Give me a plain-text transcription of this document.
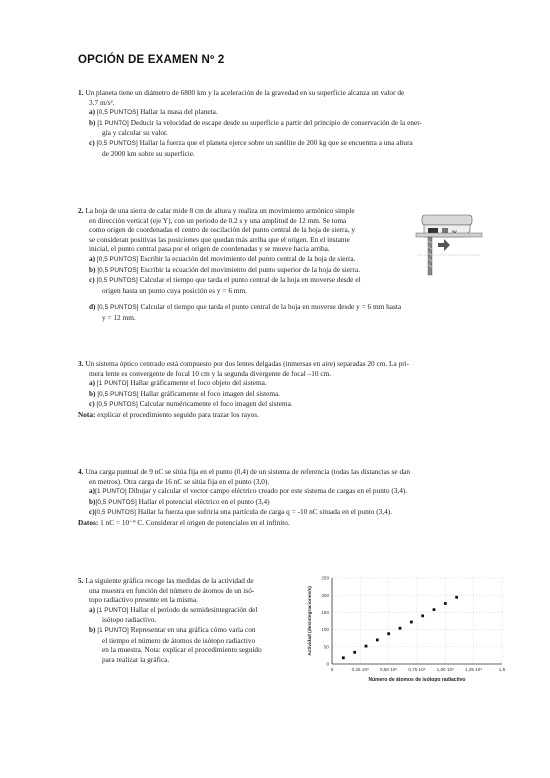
OPCIÓN DE EXAMEN Nº 2

1. Un planeta tiene un diámetro de 6800 km y la aceleración de la gravedad en su superficie alcanza un valor de

3.7 m/s².

a) [0,5 PUNTOS] Hallar la masa del planeta.

b) [1 PUNTO] Deducir la velocidad de escape desde su superficie a partir del principio de conservación de la ener-

gía y calcular su valor.

c) [0,5 PUNTOS] Hallar la fuerza que el planeta ejerce sobre un satélite de 200 kg que se encuentra a una altura

de 2000 km sobre su superficie.

2. La hoja de una sierra de calar mide 8 cm de altura y realiza un movimiento armónico simple

en dirección vertical (eje Y), con un periodo de 0.2 s y una amplitud de 12 mm. Se toma

como origen de coordenadas el centro de oscilación del punto central de la hoja de sierra, y

se consideran positivas las posiciones que quedan más arriba que el origen. En el instante

inicial, el punto central pasa por el origen de coordenadas y se mueve hacia arriba.

a) [0,5 PUNTOS] Escribir la ecuación del movimiento del punto central de la hoja de sierra.

b) [0,5 PUNTOS] Escribir la ecuación del movimiento del punto superior de la hoja de sierra.

c) [0,5 PUNTOS] Calcular el tiempo que tarda el punto central de la hoja en moverse desde el

origen hasta un punto cuya posición es y = 6 mm.

d) [0,5 PUNTOS] Calcular el tiempo que tarda el punto central de la hoja en moverse desde y = 6 mm hasta

y = 12 mm.

3. Un sistema óptico centrado está compuesto por dos lentes delgadas (inmersas en aire) separadas 20 cm. La pri-

mera lente es convergente de focal 10 cm y la segunda divergente de focal –10 cm.

a) [1 PUNTO] Hallar gráficamente el foco objeto del sistema.

b) [0,5 PUNTOS] Hallar gráficamente el foco imagen del sistema.

c) [0,5 PUNTOS] Calcular numéricamente el foco imagen del sistema.

Nota: explicar el procedimiento seguido para trazar los rayos.

4. Una carga puntual de 9 nC se sitúa fija en el punto (0,4) de un sistema de referencia (todas las distancias se dan

en metros). Otra carga de 16 nC se sitúa fija en el punto (3,0).

a)[1 PUNTO] Dibujar y calcular el vector campo eléctrico creado por este sistema de cargas en el punto (3,4).

b)[0,5 PUNTOS] Hallar el potencial eléctrico en el punto (3,4)

c)[0,5 PUNTOS] Hallar la fuerza que sufriría una partícula de carga q = -10 nC situada en el punto (3,4).

Datos: 1 nC = 10⁻⁹ C. Considerar el origen de potenciales en el infinito.

5. La siguiente gráfica recoge las medidas de la actividad de

una muestra en función del número de átomos de un isó-

topo radiactivo presente en la misma.

a) [1 PUNTO] Hallar el periodo de semidesintegración del

isótopo radiactivo.

b) [1 PUNTO] Representar en una gráfica cómo varía con

el tiempo el número de átomos de isótopo radiactivo

en la muestra. Nota: explicar el procedimiento seguido

para realizar la gráfica.

0	0,25 10⁹ 0,50 10⁹ 0,75 10⁹ 1,00 10⁹ 1,25 10⁹	1,5
0
50
100
150
200
250
Número de átomos de isótopo radiactivo
Actividad (desintegraciones/s)
